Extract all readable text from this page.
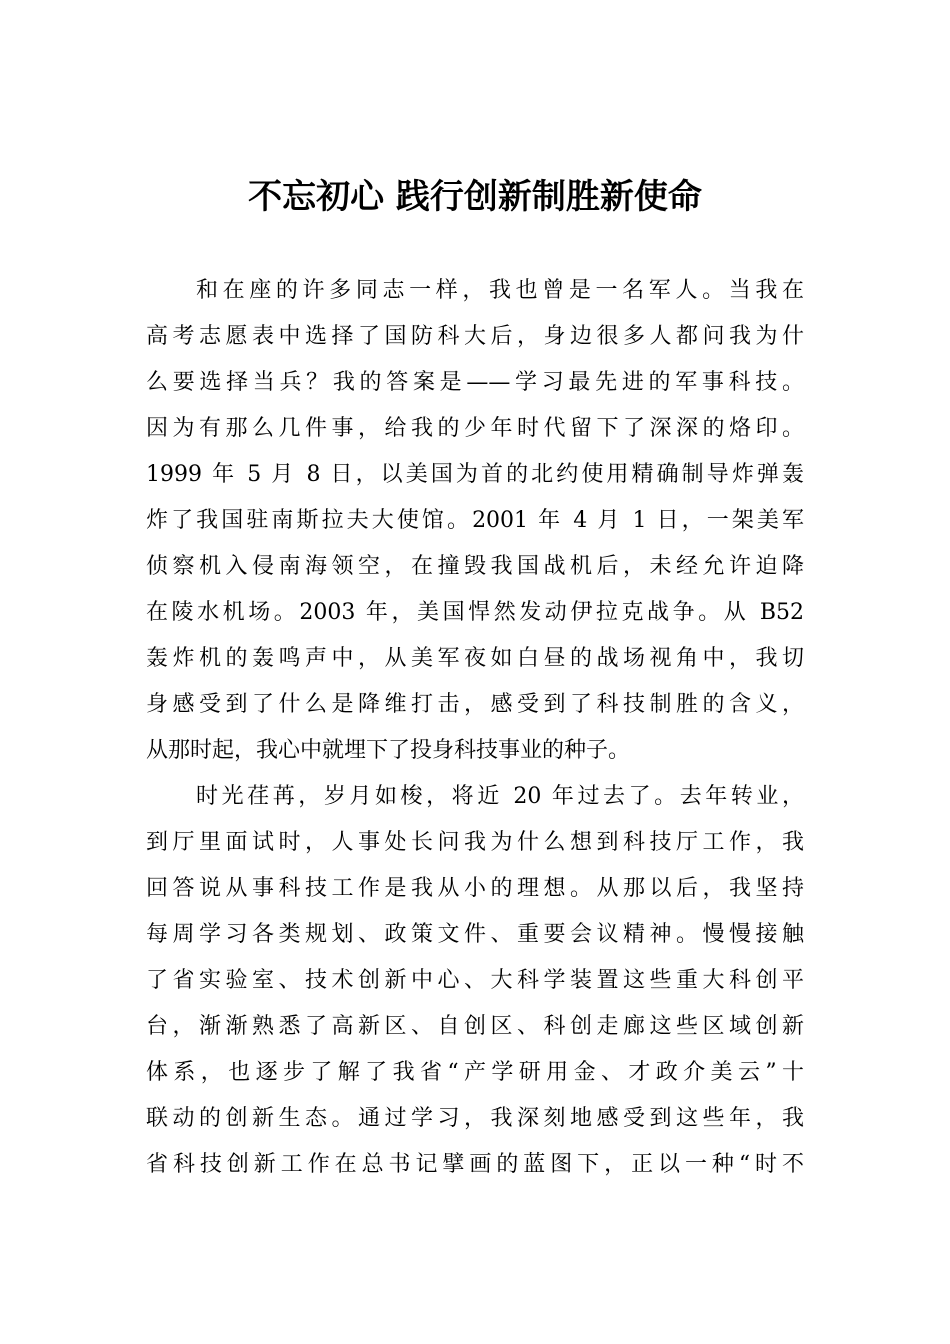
不忘初心 践行创新制胜新使命
和在座的许多同志一样，我也曾是一名军人。当我在
高考志愿表中选择了国防科大后，身边很多人都问我为什
么要选择当兵？我的答案是——学习最先进的军事科技。
因为有那么几件事，给我的少年时代留下了深深的烙印。
1999 年 5 月 8 日，以美国为首的北约使用精确制导炸弹轰
炸了我国驻南斯拉夫大使馆。2001 年 4 月 1 日，一架美军
侦察机入侵南海领空，在撞毁我国战机后，未经允许迫降
在陵水机场。2003 年，美国悍然发动伊拉克战争。从 B52
轰炸机的轰鸣声中，从美军夜如白昼的战场视角中，我切
身感受到了什么是降维打击，感受到了科技制胜的含义，
从那时起，我心中就埋下了投身科技事业的种子。
时光荏苒，岁月如梭，将近 20 年过去了。去年转业，
到厅里面试时，人事处长问我为什么想到科技厅工作，我
回答说从事科技工作是我从小的理想。从那以后，我坚持
每周学习各类规划、政策文件、重要会议精神。慢慢接触
了省实验室、技术创新中心、大科学装置这些重大科创平
台，渐渐熟悉了高新区、自创区、科创走廊这些区域创新
体系，也逐步了解了我省“产学研用金、才政介美云”十
联动的创新生态。通过学习，我深刻地感受到这些年，我
省科技创新工作在总书记擘画的蓝图下，正以一种“时不
